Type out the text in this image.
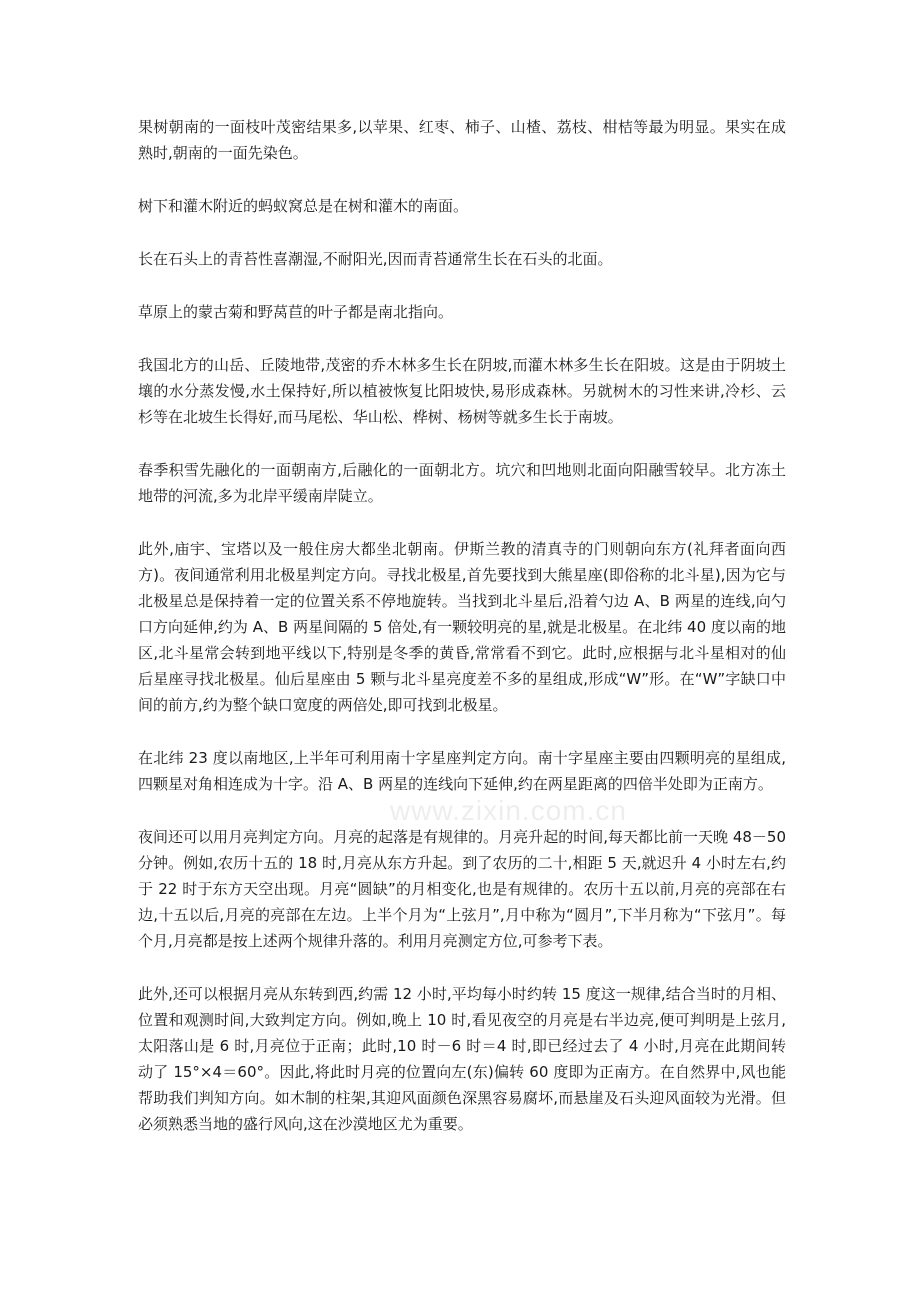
果树朝南的一面枝叶茂密结果多,以苹果、红枣、柿子、山楂、荔枝、柑桔等最为明显。果实在成熟时,朝南的一面先染色。

树下和灌木附近的蚂蚁窝总是在树和灌木的南面。

长在石头上的青苔性喜潮湿,不耐阳光,因而青苔通常生长在石头的北面。

草原上的蒙古菊和野莴苣的叶子都是南北指向。

我国北方的山岳、丘陵地带,茂密的乔木林多生长在阴坡,而灌木林多生长在阳坡。这是由于阴坡土壤的水分蒸发慢,水土保持好,所以植被恢复比阳坡快,易形成森林。另就树木的习性来讲,冷杉、云杉等在北坡生长得好,而马尾松、华山松、桦树、杨树等就多生长于南坡。

春季积雪先融化的一面朝南方,后融化的一面朝北方。坑穴和凹地则北面向阳融雪较早。北方冻土地带的河流,多为北岸平缓南岸陡立。

此外,庙宇、宝塔以及一般住房大都坐北朝南。伊斯兰教的清真寺的门则朝向东方(礼拜者面向西方)。夜间通常利用北极星判定方向。寻找北极星,首先要找到大熊星座(即俗称的北斗星),因为它与北极星总是保持着一定的位置关系不停地旋转。当找到北斗星后,沿着勺边 A、B 两星的连线,向勺口方向延伸,约为 A、B 两星间隔的 5 倍处,有一颗较明亮的星,就是北极星。在北纬 40 度以南的地区,北斗星常会转到地平线以下,特别是冬季的黄昏,常常看不到它。此时,应根据与北斗星相对的仙后星座寻找北极星。仙后星座由 5 颗与北斗星亮度差不多的星组成,形成“W”形。在“W”字缺口中间的前方,约为整个缺口宽度的两倍处,即可找到北极星。

在北纬 23 度以南地区,上半年可利用南十字星座判定方向。南十字星座主要由四颗明亮的星组成,四颗星对角相连成为十字。沿 A、B 两星的连线向下延伸,约在两星距离的四倍半处即为正南方。

夜间还可以用月亮判定方向。月亮的起落是有规律的。月亮升起的时间,每天都比前一天晚 48－50 分钟。例如,农历十五的 18 时,月亮从东方升起。到了农历的二十,相距 5 天,就迟升 4 小时左右,约于 22 时于东方天空出现。月亮“圆缺”的月相变化,也是有规律的。农历十五以前,月亮的亮部在右边,十五以后,月亮的亮部在左边。上半个月为“上弦月”,月中称为“圆月”,下半月称为“下弦月”。每个月,月亮都是按上述两个规律升落的。利用月亮测定方位,可参考下表。

此外,还可以根据月亮从东转到西,约需 12 小时,平均每小时约转 15 度这一规律,结合当时的月相、位置和观测时间,大致判定方向。例如,晚上 10 时,看见夜空的月亮是右半边亮,便可判明是上弦月,太阳落山是 6 时,月亮位于正南；此时,10 时－6 时＝4 时,即已经过去了 4 小时,月亮在此期间转动了 15°×4＝60°。因此,将此时月亮的位置向左(东)偏转 60 度即为正南方。在自然界中,风也能帮助我们判知方向。如木制的柱架,其迎风面颜色深黑容易腐坏,而悬崖及石头迎风面较为光滑。但必须熟悉当地的盛行风向,这在沙漠地区尤为重要。

www.zixin.com.cn
